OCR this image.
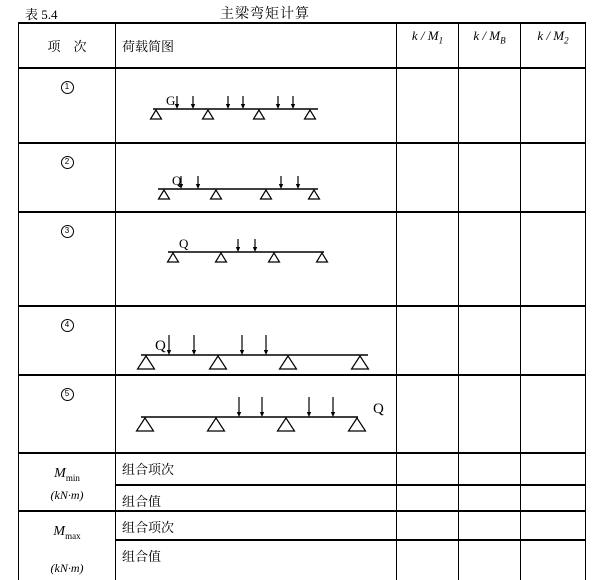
表 5.4	主梁弯矩计算
项　次	荷载简图	k / $M_1$	k / $M_B$	k / $M_2$
1	G			

2	Q			

3	Q			

4	Q			

5	Q			

$M_{min}$
(kN·m)	组合项次			
	组合值			

$M_{max}$
(kN·m)	组合项次			
	组合值			
